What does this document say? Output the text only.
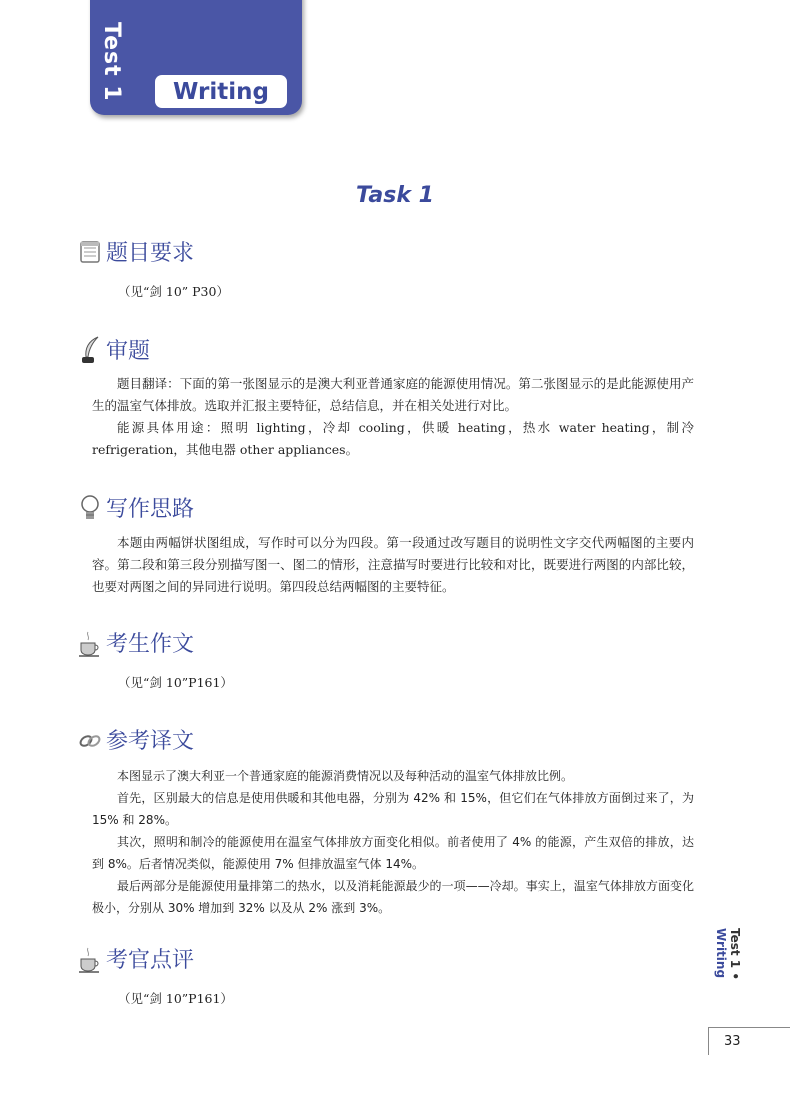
Test 1	Writing
Task 1
题目要求
（见“剑 10” P30）
审题

题目翻译：下面的第一张图显示的是澳大利亚普通家庭的能源使用情况。第二张图显示的是此能源使用产生的温室气体排放。选取并汇报主要特征，总结信息，并在相关处进行对比。

能源具体用途：照明 lighting，冷却 cooling，供暖 heating，热水 water heating，制冷 refrigeration，其他电器 other appliances。

写作思路

本题由两幅饼状图组成，写作时可以分为四段。第一段通过改写题目的说明性文字交代两幅图的主要内容。第二段和第三段分别描写图一、图二的情形，注意描写时要进行比较和对比，既要进行两图的内部比较，也要对两图之间的异同进行说明。第四段总结两幅图的主要特征。

考生作文
（见“剑 10”P161）
参考译文

本图显示了澳大利亚一个普通家庭的能源消费情况以及每种活动的温室气体排放比例。

首先，区别最大的信息是使用供暖和其他电器，分别为 42% 和 15%，但它们在气体排放方面倒过来了，为 15% 和 28%。

其次，照明和制冷的能源使用在温室气体排放方面变化相似。前者使用了 4% 的能源，产生双倍的排放，达到 8%。后者情况类似，能源使用 7% 但排放温室气体 14%。

最后两部分是能源使用量排第二的热水，以及消耗能源最少的一项——冷却。事实上，温室气体排放方面变化极小，分别从 30% 增加到 32% 以及从 2% 涨到 3%。

考官点评
（见“剑 10”P161）
Test 1 • Writing
33
